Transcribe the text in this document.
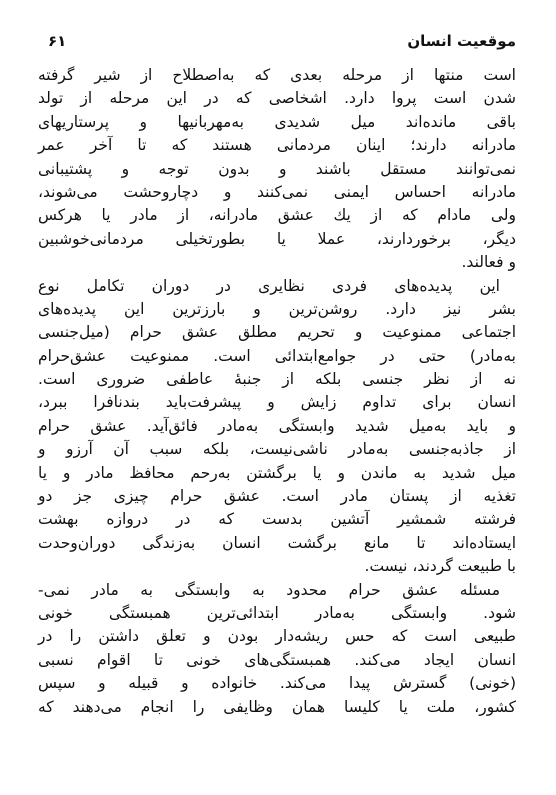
موقعیت انسان
۶۱
است منتها از مرحله بعدی که به‌اصطلاح از شیر گرفته
شدن است پروا دارد. اشخاصی که در این مرحله از تولد
باقی مانده‌اند میل شدیدی به‌مهربانیها و پرستاریهای
مادرانه دارند؛ اینان مردمانی هستند که تا آخر عمر
نمی‌توانند مستقل باشند و بدون توجه و پشتیبانی
مادرانه احساس ایمنی نمی‌کنند و دچاروحشت می‌شوند،
ولی مادام که از یك عشق مادرانه، از مادر یا هرکس
دیگر، برخوردارند، عملا یا بطورتخیلی مردمانی‌خوشبین
و فعالند.
این پدیده‌های فردی نظایری در دوران تکامل نوع
بشر نیز دارد. روشن‌ترین و بارزترین این پدیده‌های
اجتماعی ممنوعیت و تحریم مطلق عشق حرام (میل‌جنسی
به‌مادر) حتی در جوامع‌ابتدائی است. ممنوعیت عشق‌حرام
نه از نظر جنسی بلکه از جنبهٔ عاطفی ضروری است.
انسان برای تداوم زایش و پیشرفت‌باید بندنافرا ببرد،
و باید به‌میل شدید وابستگی به‌مادر فائق‌آید. عشق حرام
از جاذبه‌جنسی به‌مادر ناشی‌نیست، بلکه سبب آن آرزو و
میل شدید به ماندن و یا برگشتن به‌رحم محافظ مادر و یا
تغذیه از پستان مادر است. عشق حرام چیزی جز دو
فرشته شمشیر آتشین بدست که در دروازه بهشت
ایستاده‌اند تا مانع برگشت انسان به‌زندگی دوران‌وحدت
با طبیعت گردند، نیست.
مسئله عشق حرام محدود به وابستگی به مادر نمی-
شود. وابستگی به‌مادر ابتدائی‌ترین همبستگی خونی
طبیعی است که حس ریشه‌دار بودن و تعلق داشتن را در
انسان ایجاد می‌کند. همبستگی‌های خونی تا اقوام نسبی
(خونی) گسترش پیدا می‌کند. خانواده و قبیله و سپس
کشور، ملت یا کلیسا همان وظایفی را انجام می‌دهند که
